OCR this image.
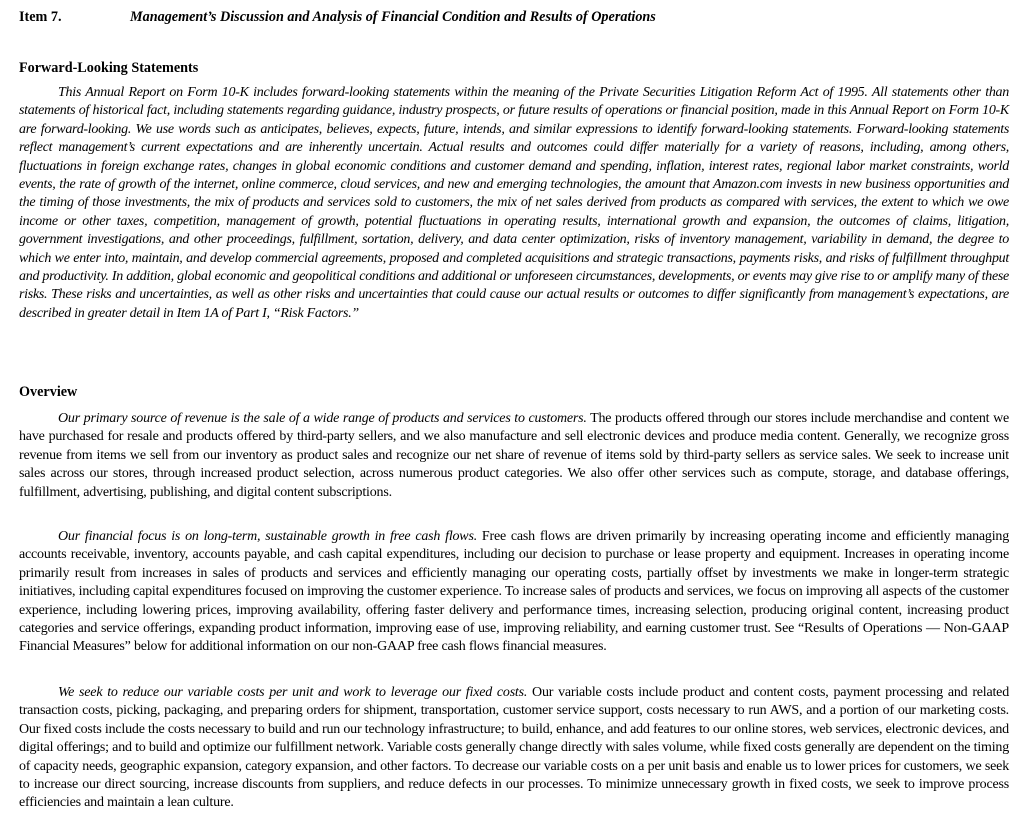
Item 7.	Management’s Discussion and Analysis of Financial Condition and Results of Operations
Forward-Looking Statements

This Annual Report on Form 10-K includes forward-looking statements within the meaning of the Private Securities Litigation Reform Act of 1995. All statements other than statements of historical fact, including statements regarding guidance, industry prospects, or future results of operations or financial position, made in this Annual Report on Form 10-K are forward-looking. We use words such as anticipates, believes, expects, future, intends, and similar expressions to identify forward-looking statements. Forward-looking statements reflect management’s current expectations and are inherently uncertain. Actual results and outcomes could differ materially for a variety of reasons, including, among others, fluctuations in foreign exchange rates, changes in global economic conditions and customer demand and spending, inflation, interest rates, regional labor market constraints, world events, the rate of growth of the internet, online commerce, cloud services, and new and emerging technologies, the amount that Amazon.com invests in new business opportunities and the timing of those investments, the mix of products and services sold to customers, the mix of net sales derived from products as compared with services, the extent to which we owe income or other taxes, competition, management of growth, potential fluctuations in operating results, international growth and expansion, the outcomes of claims, litigation, government investigations, and other proceedings, fulfillment, sortation, delivery, and data center optimization, risks of inventory management, variability in demand, the degree to which we enter into, maintain, and develop commercial agreements, proposed and completed acquisitions and strategic transactions, payments risks, and risks of fulfillment throughput and productivity. In addition, global economic and geopolitical conditions and additional or unforeseen circumstances, developments, or events may give rise to or amplify many of these risks. These risks and uncertainties, as well as other risks and uncertainties that could cause our actual results or outcomes to differ significantly from management’s expectations, are described in greater detail in Item 1A of Part I, “Risk Factors.”

Overview

Our primary source of revenue is the sale of a wide range of products and services to customers. The products offered through our stores include merchandise and content we have purchased for resale and products offered by third-party sellers, and we also manufacture and sell electronic devices and produce media content. Generally, we recognize gross revenue from items we sell from our inventory as product sales and recognize our net share of revenue of items sold by third-party sellers as service sales. We seek to increase unit sales across our stores, through increased product selection, across numerous product categories. We also offer other services such as compute, storage, and database offerings, fulfillment, advertising, publishing, and digital content subscriptions.

Our financial focus is on long-term, sustainable growth in free cash flows. Free cash flows are driven primarily by increasing operating income and efficiently managing accounts receivable, inventory, accounts payable, and cash capital expenditures, including our decision to purchase or lease property and equipment. Increases in operating income primarily result from increases in sales of products and services and efficiently managing our operating costs, partially offset by investments we make in longer-term strategic initiatives, including capital expenditures focused on improving the customer experience. To increase sales of products and services, we focus on improving all aspects of the customer experience, including lowering prices, improving availability, offering faster delivery and performance times, increasing selection, producing original content, increasing product categories and service offerings, expanding product information, improving ease of use, improving reliability, and earning customer trust. See “Results of Operations — Non-GAAP Financial Measures” below for additional information on our non-GAAP free cash flows financial measures.

We seek to reduce our variable costs per unit and work to leverage our fixed costs. Our variable costs include product and content costs, payment processing and related transaction costs, picking, packaging, and preparing orders for shipment, transportation, customer service support, costs necessary to run AWS, and a portion of our marketing costs. Our fixed costs include the costs necessary to build and run our technology infrastructure; to build, enhance, and add features to our online stores, web services, electronic devices, and digital offerings; and to build and optimize our fulfillment network. Variable costs generally change directly with sales volume, while fixed costs generally are dependent on the timing of capacity needs, geographic expansion, category expansion, and other factors. To decrease our variable costs on a per unit basis and enable us to lower prices for customers, we seek to increase our direct sourcing, increase discounts from suppliers, and reduce defects in our processes. To minimize unnecessary growth in fixed costs, we seek to improve process efficiencies and maintain a lean culture.
